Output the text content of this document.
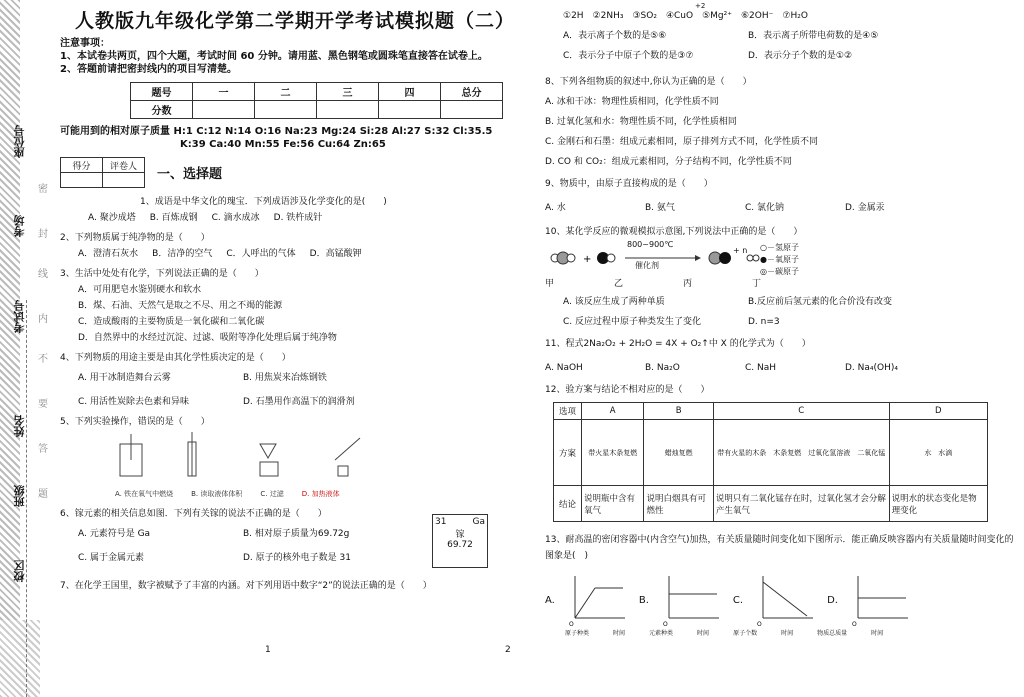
座位号
考场
考试号
姓名
班级
校区
密
封
线
内
不
要
答
题
人教版九年级化学第二学期开学考试模拟题（二）
注意事项：
1、本试卷共两页，四个大题，考试时间 60 分钟。请用蓝、黑色钢笔或圆珠笔直接答在试卷上。
2、答题前请把密封线内的项目写清楚。
题号	一	二	三	四	总分
分数					
可能用到的相对原子质量 H:1 C:12 N:14 O:16 Na:23 Mg:24 Si:28 Al:27 S:32 Cl:35.5
K:39 Ca:40 Mn:55 Fe:56 Cu:64 Zn:65
得分	评卷人

一、选择题
1、成语是中华文化的瑰宝．下列成语涉及化学变化的是(　　)
A. 聚沙成塔 B. 百炼成钢 C. 滴水成冰 D. 铁杵成针
2、下列物质属于纯净物的是（　　）
A．澄清石灰水 B．洁净的空气 C．人呼出的气体 D．高锰酸钾
3、生活中处处有化学，下列说法正确的是（　　）
A．可用肥皂水鉴别硬水和软水
B．煤、石油、天然气是取之不尽、用之不竭的能源
C．造成酸雨的主要物质是一氧化碳和二氧化碳
D．自然界中的水经过沉淀、过滤、吸附等净化处理后属于纯净物
4、下列物质的用途主要是由其化学性质决定的是（　　）
A. 用干冰制造舞台云雾	B. 用焦炭来冶炼钢铁
C. 用活性炭除去色素和异味	D. 石墨用作高温下的润滑剂
5、下列实验操作，错误的是（　　）
A. 铁在氧气中燃烧	B. 读取液体体积	C. 过滤	D. 加热液体
6、镓元素的相关信息如图．下列有关镓的说法不正确的是（　　）
A. 元素符号是 Ga	B. 相对原子质量为69.72g
C. 属于金属元素	D. 原子的核外电子数是 31
31	Ga
镓
69.72
7、在化学王国里，数字被赋予了丰富的内涵。对下列用语中数字“2”的说法正确的是（　　）
1
+2
①2H　②2NH₃　③SO₂　④CuO　⑤Mg²⁺　⑥2OH⁻　⑦H₂O
A．表示离子个数的是⑤⑥	B．表示离子所带电荷数的是④⑤
C．表示分子中原子个数的是③⑦	D．表示分子个数的是①②
8、下列各组物质的叙述中,你认为正确的是（　　）
A. 冰和干冰：物理性质相同，化学性质不同
B. 过氧化氢和水：物理性质不同，化学性质相同
C. 金刚石和石墨：组成元素相同，原子排列方式不同，化学性质不同
D. CO 和 CO₂：组成元素相同，分子结构不同，化学性质不同
9、物质中，由原子直接构成的是（　　）
A. 水	B. 氨气	C. 氯化钠	D. 金属汞
10、某化学反应的微观模拟示意图,下列说法中正确的是（　　）
+
800~900℃
催化剂
+ n
甲	乙	丙	丁
○－氢原子
●－氧原子
◎－碳原子
A. 该反应生成了两种单质	B.反应前后氢元素的化合价没有改变
C. 反应过程中原子种类发生了变化	D. n=3
11、程式2Na₂O₂ + 2H₂O = 4X + O₂↑中 X 的化学式为（　　）
A. NaOH	B. Na₂O	C. NaH	D. Na₄(OH)₄
12、验方案与结论不相对应的是（　　）
选项	A	B	C	D
方案	带火星木条复燃	蜡烛复燃	带有火星的木条　木条复燃　过氧化氢溶液　二氧化锰	水　水滴
结论	说明瓶中含有氧气	说明白烟具有可燃性	说明只有二氧化锰存在时，过氧化氢才会分解产生氧气	说明水的状态变化是物理变化
13、耐高温的密闭容器中(内含空气)加热，有关质量随时间变化如下图所示．能正确反映容器内有关质量随时间变化的图象是(　)
A.
O
B.
O
C.
O
D.
O
原子种类	时间	元素种类	时间	原子个数	时间	物质总质量	时间
2
